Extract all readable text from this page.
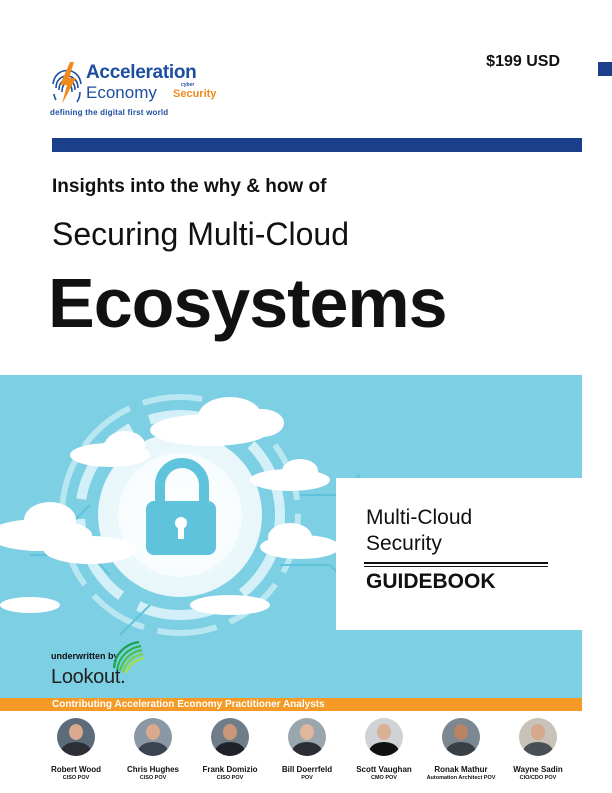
Acceleration
Economy	cyber
Security
defining the digital first world
$199 USD
Insights into the why & how of
Securing Multi-Cloud
Ecosystems
Multi-Cloud
Security
GUIDEBOOK
underwritten by
Lookout.
Contributing Acceleration Economy Practitioner Analysts
Robert Wood
CISO POV
Chris Hughes
CISO POV
Frank Domizio
CISO POV
Bill Doerrfeld
POV
Scott Vaughan
CMO POV
Ronak Mathur
Automation Architect POV
Wayne Sadin
CIO/CDO POV
